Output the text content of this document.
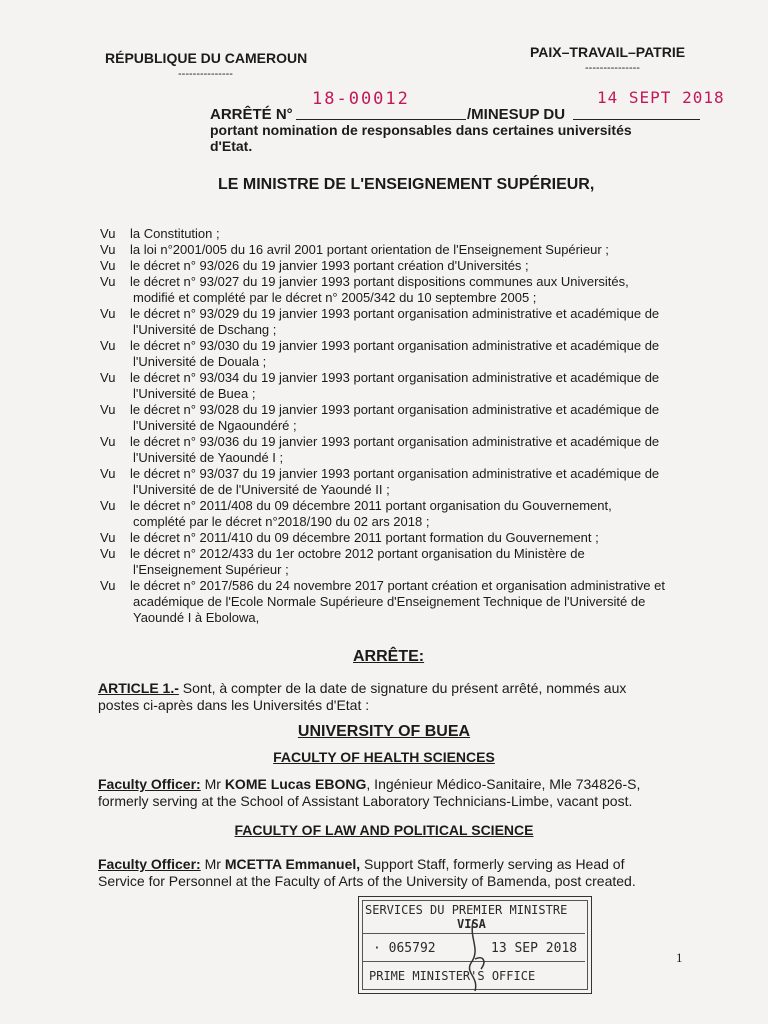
RÉPUBLIQUE DU CAMEROUN
---------------
PAIX–TRAVAIL–PATRIE
---------------
ARRÊTÉ N°
18-00012
/MINESUP DU
14 SEPT 2018
portant nomination de responsables dans certaines universités
d'Etat.
LE MINISTRE DE L'ENSEIGNEMENT SUPÉRIEUR,
Vu la Constitution ;
Vu la loi n°2001/005 du 16 avril 2001 portant orientation de l'Enseignement Supérieur ;
Vu le décret n° 93/026 du 19 janvier 1993 portant création d'Universités ;
Vu le décret n° 93/027 du 19 janvier 1993 portant dispositions communes aux Universités,
modifié et complété par le décret n° 2005/342 du 10 septembre 2005 ;
Vu le décret n° 93/029 du 19 janvier 1993 portant organisation administrative et académique de
l'Université de Dschang ;
Vu le décret n° 93/030 du 19 janvier 1993 portant organisation administrative et académique de
l'Université de Douala ;
Vu le décret n° 93/034 du 19 janvier 1993 portant organisation administrative et académique de
l'Université de Buea ;
Vu le décret n° 93/028 du 19 janvier 1993 portant organisation administrative et académique de
l'Université de Ngaoundéré ;
Vu le décret n° 93/036 du 19 janvier 1993 portant organisation administrative et académique de
l'Université de Yaoundé I ;
Vu le décret n° 93/037 du 19 janvier 1993 portant organisation administrative et académique de
l'Université de de l'Université de Yaoundé II ;
Vu le décret n° 2011/408 du 09 décembre 2011 portant organisation du Gouvernement,
complété par le décret n°2018/190 du 02 ars 2018 ;
Vu le décret n° 2011/410 du 09 décembre 2011 portant formation du Gouvernement ;
Vu le décret n° 2012/433 du 1er octobre 2012 portant organisation du Ministère de
l'Enseignement Supérieur ;
Vu le décret n° 2017/586 du 24 novembre 2017 portant création et organisation administrative et
académique de l'Ecole Normale Supérieure d'Enseignement Technique de l'Université de
Yaoundé I à Ebolowa,
ARRÊTE:
ARTICLE 1.- Sont, à compter de la date de signature du présent arrêté, nommés aux
postes ci-après dans les Universités d'Etat :
UNIVERSITY OF BUEA
FACULTY OF HEALTH SCIENCES
Faculty Officer: Mr KOME Lucas EBONG, Ingénieur Médico-Sanitaire, Mle 734826-S,
formerly serving at the School of Assistant Laboratory Technicians-Limbe, vacant post.
FACULTY OF LAW AND POLITICAL SCIENCE
Faculty Officer: Mr MCETTA Emmanuel, Support Staff, formerly serving as Head of
Service for Personnel at the Faculty of Arts of the University of Bamenda, post created.
SERVICES DU PREMIER MINISTRE
VISA
· 065792	13 SEP 2018
PRIME MINISTER'S OFFICE
1
